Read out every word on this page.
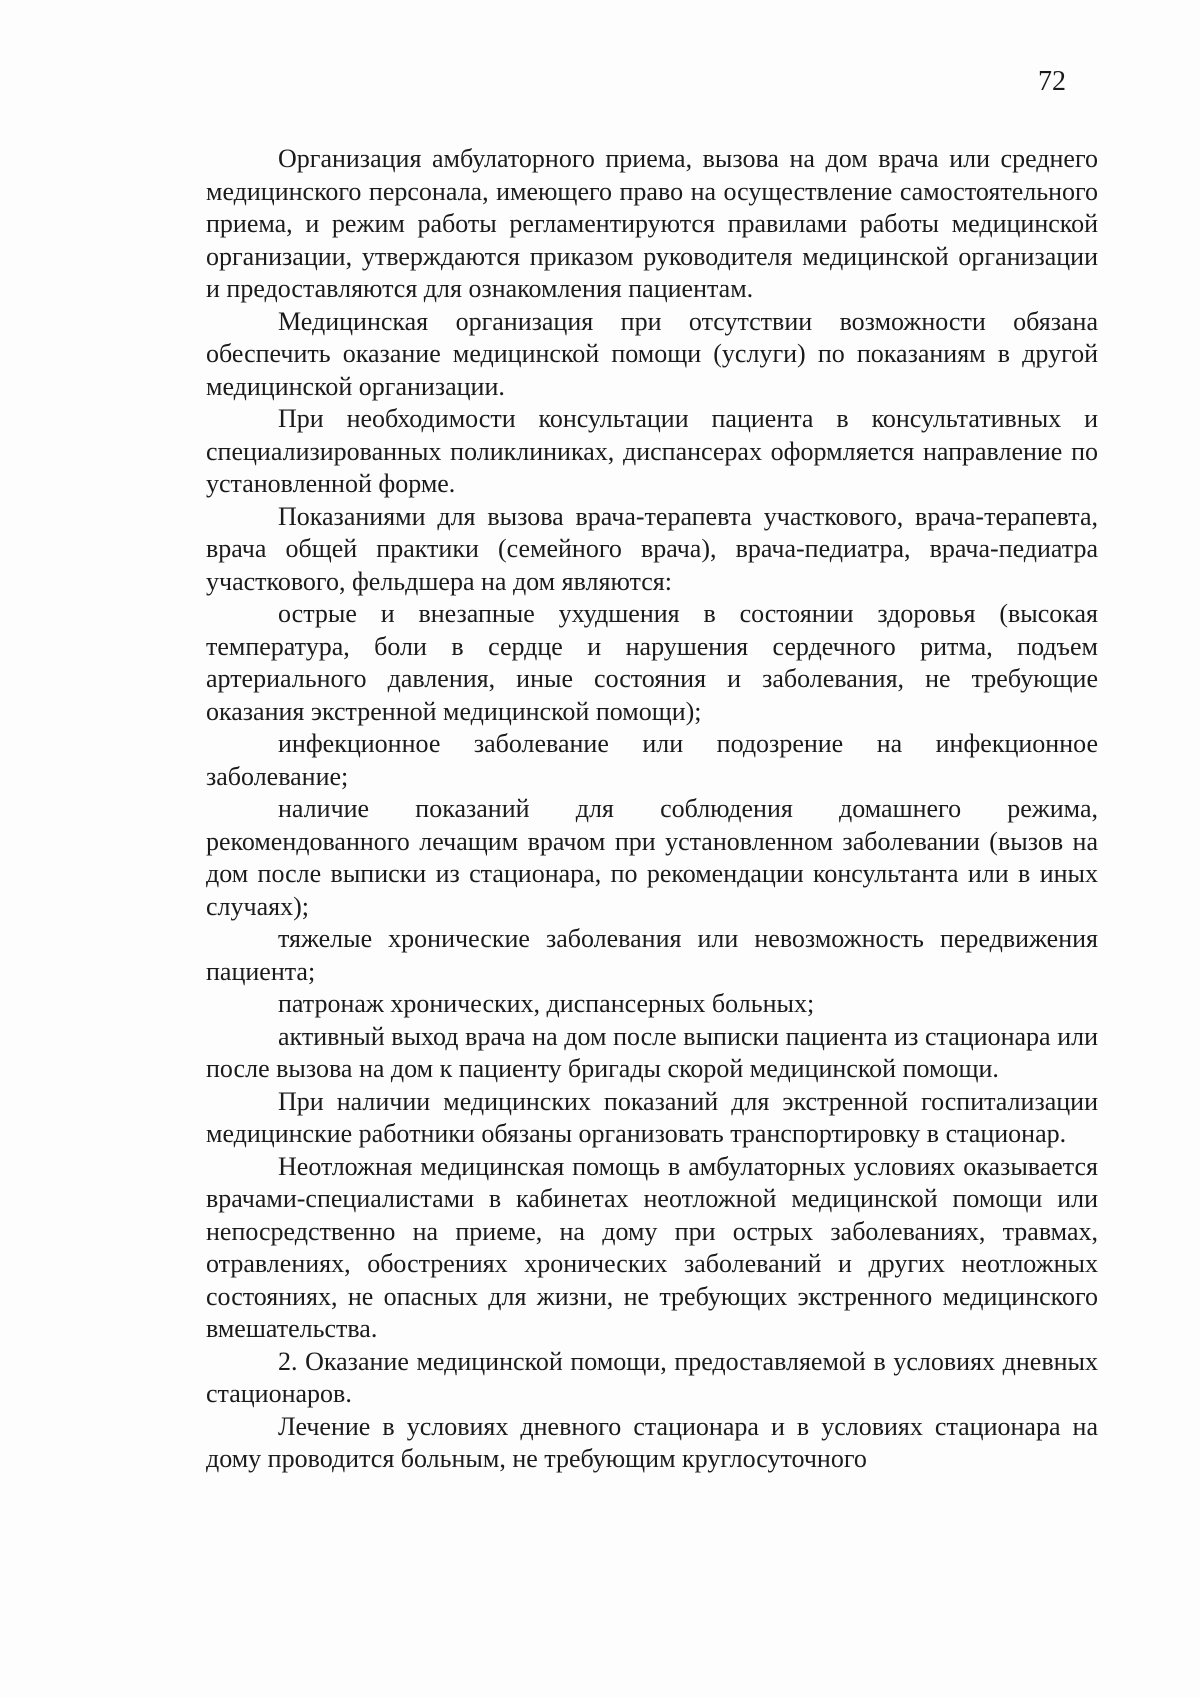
72

Организация амбулаторного приема, вызова на дом врача или среднего медицинского персонала, имеющего право на осуществление самостоятельного приема, и режим работы регламентируются правилами работы медицинской организации, утверждаются приказом руководителя медицинской организации и предоставляются для ознакомления пациентам.

Медицинская организация при отсутствии возможности обязана обеспечить оказание медицинской помощи (услуги) по показаниям в другой медицинской организации.

При необходимости консультации пациента в консультативных и специализированных поликлиниках, диспансерах оформляется направление по установленной форме.

Показаниями для вызова врача-терапевта участкового, врача-терапевта, врача общей практики (семейного врача), врача-педиатра, врача-педиатра участкового, фельдшера на дом являются:

острые и внезапные ухудшения в состоянии здоровья (высокая температура, боли в сердце и нарушения сердечного ритма, подъем артериального давления, иные состояния и заболевания, не требующие оказания экстренной медицинской помощи);

инфекционное заболевание или подозрение на инфекционное заболевание;

наличие показаний для соблюдения домашнего режима, рекомендованного лечащим врачом при установленном заболевании (вызов на дом после выписки из стационара, по рекомендации консультанта или в иных случаях);

тяжелые хронические заболевания или невозможность передвижения пациента;

патронаж хронических, диспансерных больных;

активный выход врача на дом после выписки пациента из стационара или после вызова на дом к пациенту бригады скорой медицинской помощи.

При наличии медицинских показаний для экстренной госпитализации медицинские работники обязаны организовать транспортировку в стационар.

Неотложная медицинская помощь в амбулаторных условиях оказывается врачами-специалистами в кабинетах неотложной медицинской помощи или непосредственно на приеме, на дому при острых заболеваниях, травмах, отравлениях, обострениях хронических заболеваний и других неотложных состояниях, не опасных для жизни, не требующих экстренного медицинского вмешательства.

2. Оказание медицинской помощи, предоставляемой в условиях дневных стационаров.

Лечение в условиях дневного стационара и в условиях стационара на дому проводится больным, не требующим круглосуточного
